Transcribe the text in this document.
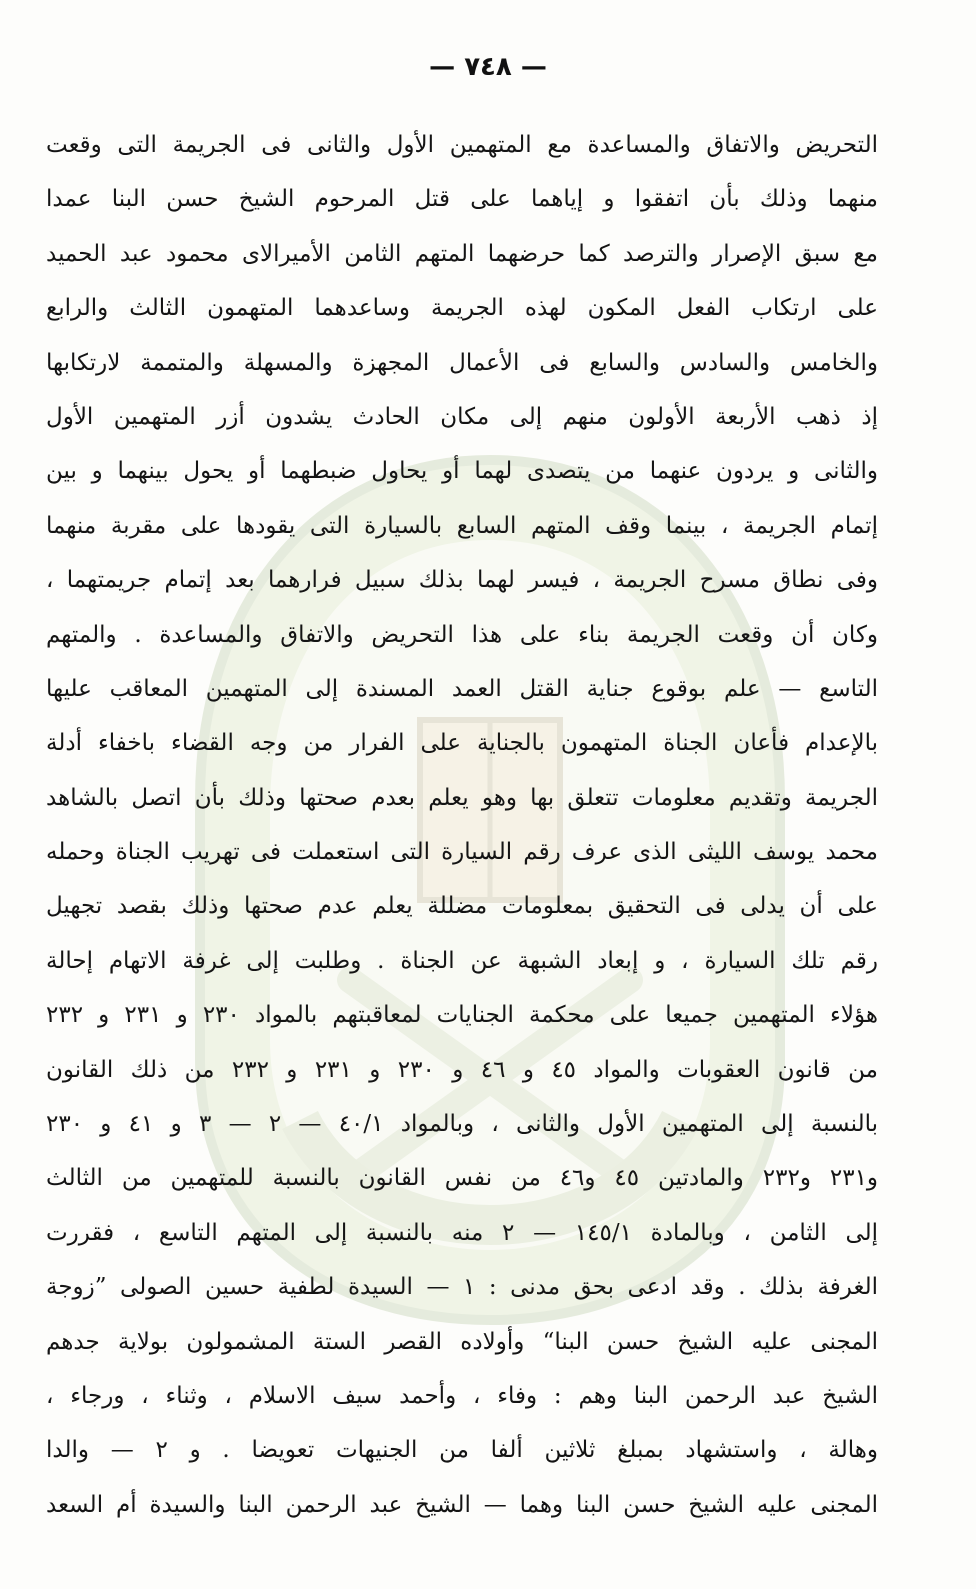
— ٧٤٨ —
التحريض والاتفاق والمساعدة مع المتهمين الأول والثانى فى الجريمة التى وقعت
منهما وذلك بأن اتفقوا و إياهما على قتل المرحوم الشيخ حسن البنا عمدا
مع سبق الإصرار والترصد كما حرضهما المتهم الثامن الأميرالاى محمود عبد الحميد
على ارتكاب الفعل المكون لهذه الجريمة وساعدهما المتهمون الثالث والرابع
والخامس والسادس والسابع فى الأعمال المجهزة والمسهلة والمتممة لارتكابها
إذ ذهب الأربعة الأولون منهم إلى مكان الحادث يشدون أزر المتهمين الأول
والثانى و يردون عنهما من يتصدى لهما أو يحاول ضبطهما أو يحول بينهما و بين
إتمام الجريمة ، بينما وقف المتهم السابع بالسيارة التى يقودها على مقربة منهما
وفى نطاق مسرح الجريمة ، فيسر لهما بذلك سبيل فرارهما بعد إتمام جريمتهما ،
وكان أن وقعت الجريمة بناء على هذا التحريض والاتفاق والمساعدة . والمتهم
التاسع — علم بوقوع جناية القتل العمد المسندة إلى المتهمين المعاقب عليها
بالإعدام فأعان الجناة المتهمون بالجناية على الفرار من وجه القضاء باخفاء أدلة
الجريمة وتقديم معلومات تتعلق بها وهو يعلم بعدم صحتها وذلك بأن اتصل بالشاهد
محمد يوسف الليثى الذى عرف رقم السيارة التى استعملت فى تهريب الجناة وحمله
على أن يدلى فى التحقيق بمعلومات مضللة يعلم عدم صحتها وذلك بقصد تجهيل
رقم تلك السيارة ، و إبعاد الشبهة عن الجناة . وطلبت إلى غرفة الاتهام إحالة
هؤلاء المتهمين جميعا على محكمة الجنايات لمعاقبتهم بالمواد ٢٣٠ و ٢٣١ و ٢٣٢
من قانون العقوبات والمواد ٤٥ و ٤٦ و ٢٣٠ و ٢٣١ و ٢٣٢ من ذلك القانون
بالنسبة إلى المتهمين الأول والثانى ، وبالمواد ٤٠/١ — ٢ — ٣ و ٤١ و ٢٣٠
و٢٣١ و٢٣٢ والمادتين ٤٥ و٤٦ من نفس القانون بالنسبة للمتهمين من الثالث
إلى الثامن ، وبالمادة ١٤٥/١ — ٢ منه بالنسبة إلى المتهم التاسع ، فقررت
الغرفة بذلك . وقد ادعى بحق مدنى : ١ — السيدة لطفية حسين الصولى ”زوجة
المجنى عليه الشيخ حسن البنا“ وأولاده القصر الستة المشمولون بولاية جدهم
الشيخ عبد الرحمن البنا وهم : وفاء ، وأحمد سيف الاسلام ، وثناء ، ورجاء ،
وهالة ، واستشهاد بمبلغ ثلاثين ألفا من الجنيهات تعويضا . و ٢ — والدا
المجنى عليه الشيخ حسن البنا وهما — الشيخ عبد الرحمن البنا والسيدة أم السعد
